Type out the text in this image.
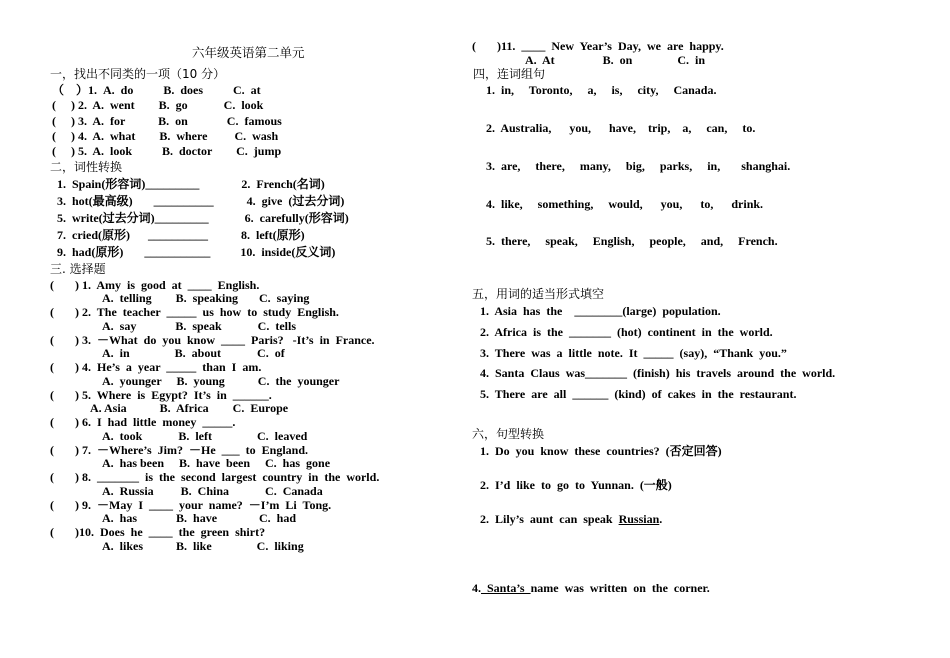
六年级英语第二单元
一，找出不同类的一项（10 分）
（    ）1.  A.  do          B.  does          C.  at
(     ) 2.  A.  went        B.  go            C.  look
(     ) 3.  A.  for           B.  on             C.  famous
(     ) 4.  A.  what        B.  where         C.  wash
(     ) 5.  A.  look          B.  doctor        C.  jump
二，词性转换
1.  Spain(形容词)_________              2.  French(名词)
3.  hot(最高级)       __________           4.  give  (过去分词)
5.  write(过去分词)_________            6.  carefully(形容词)
7.  cried(原形)      __________           8.  left(原形)
9.  had(原形)       ___________          10.  inside(反义词)
三. 选择题
(       ) 1.  Amy  is  good  at  ____  English.
A.  telling        B.  speaking       C.  saying
(       ) 2.  The  teacher  _____  us  how  to  study  English.
A.  say             B.  speak            C.  tells
(       ) 3.  －What  do  you  know  ____  Paris?   -It’s  in  France.
A.  in               B.  about            C.  of
(       ) 4.  He’s  a  year  _____  than  I  am.
A.  younger     B.  young           C.  the  younger
(       ) 5.  Where  is  Egypt?  It’s  in  ______.
A. Asia           B.  Africa        C.  Europe
(       ) 6.  I  had  little  money  _____.
A.  took            B.  left               C.  leaved
(       ) 7.  －Where’s  Jim?  －He  ___  to  England.
A.  has been     B.  have  been     C.  has  gone
(       ) 8.  _______  is  the  second  largest  country  in  the  world.
A.  Russia         B.  China            C.  Canada
(       ) 9.  －May  I  ____  your  name?  －I’m  Li  Tong.
A.  has             B.  have              C.  had
(       )10.  Does  he  ____  the  green  shirt?
A.  likes           B.  like               C.  liking
(       )11.  ____  New  Year’s  Day,  we  are  happy.
A.  At                B.  on               C.  in
四，连词组句
1.  in,     Toronto,     a,     is,     city,     Canada.
2.  Australia,      you,      have,    trip,    a,     can,     to.
3.  are,     there,     many,     big,     parks,     in,       shanghai.
4.  like,     something,     would,      you,      to,      drink.
5.  there,     speak,     English,     people,     and,     French.
五，用词的适当形式填空
1.  Asia  has  the    ________(large)  population.
2.  Africa  is  the  _______  (hot)  continent  in  the  world.
3.  There  was  a  little  note.  It  _____  (say),  “Thank  you.”
4.  Santa  Claus  was_______  (finish)  his  travels  around  the  world.
5.  There  are  all  ______  (kind)  of  cakes  in  the  restaurant.
六，句型转换
1.  Do  you  know  these  countries?  (否定回答)
2.  I’d  like  to  go  to  Yunnan.  (一般)
2.  Lily’s  aunt  can  speak  Russian.
4.  Santa’s  name  was  written  on  the  corner.
